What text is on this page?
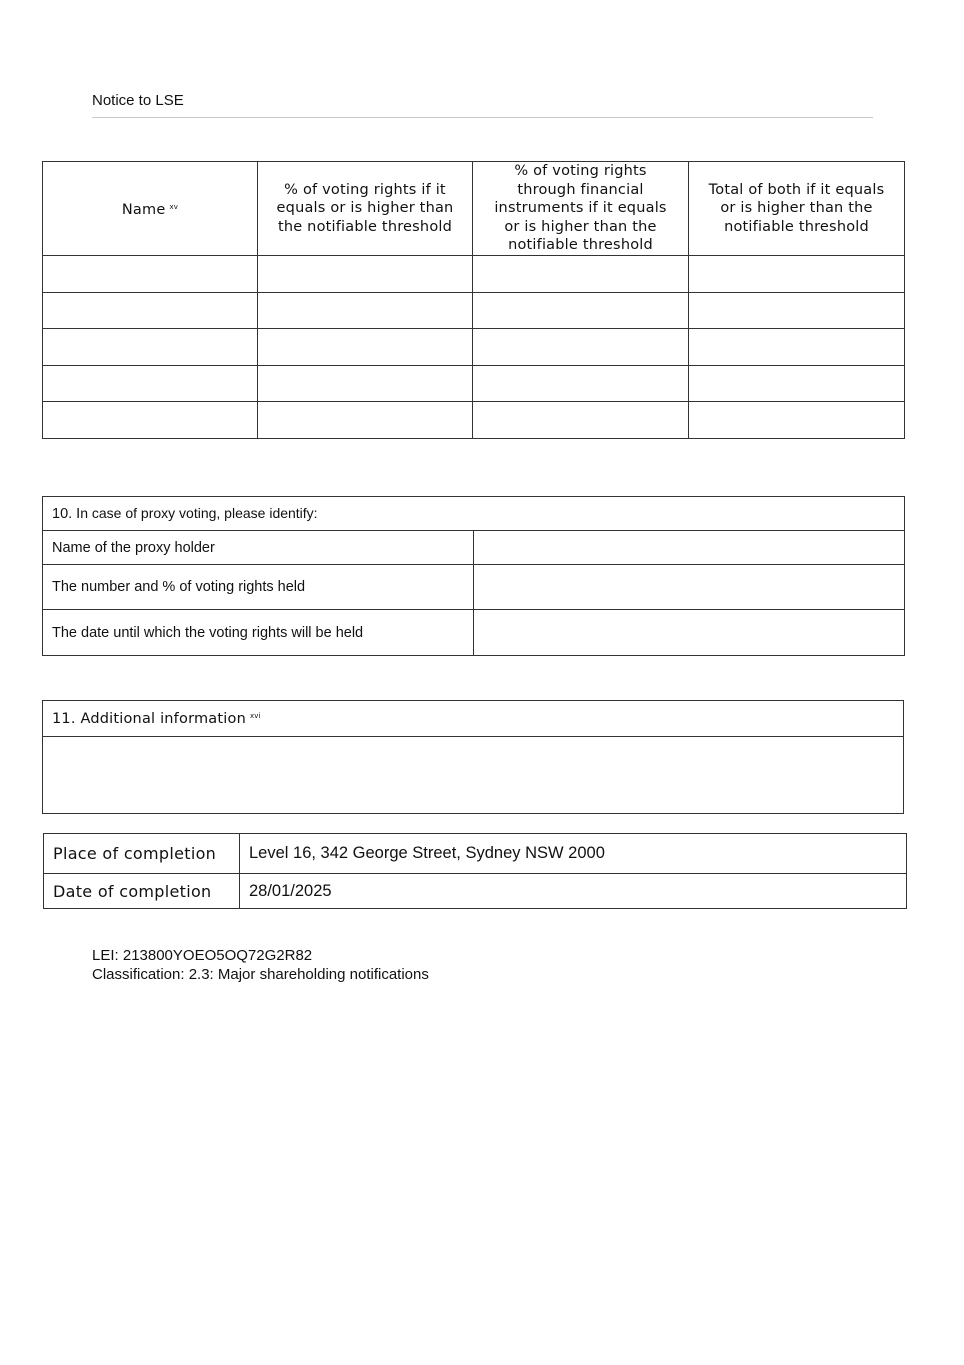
Notice to LSE
Name $^{xv}$	% of voting rights if it equals or is higher than the notifiable threshold	% of voting rights through financial instruments if it equals or is higher than the notifiable threshold	Total of both if it equals or is higher than the notifiable threshold

10. In case of proxy voting, please identify:	
Name of the proxy holder	
The number and % of voting rights held	
The date until which the voting rights will be held	
11. Additional information $^{xvi}$

Place of completion	Level 16, 342 George Street, Sydney NSW 2000
Date of completion	28/01/2025
LEI: 213800YOEO5OQ72G2R82
Classification: 2.3: Major shareholding notifications
